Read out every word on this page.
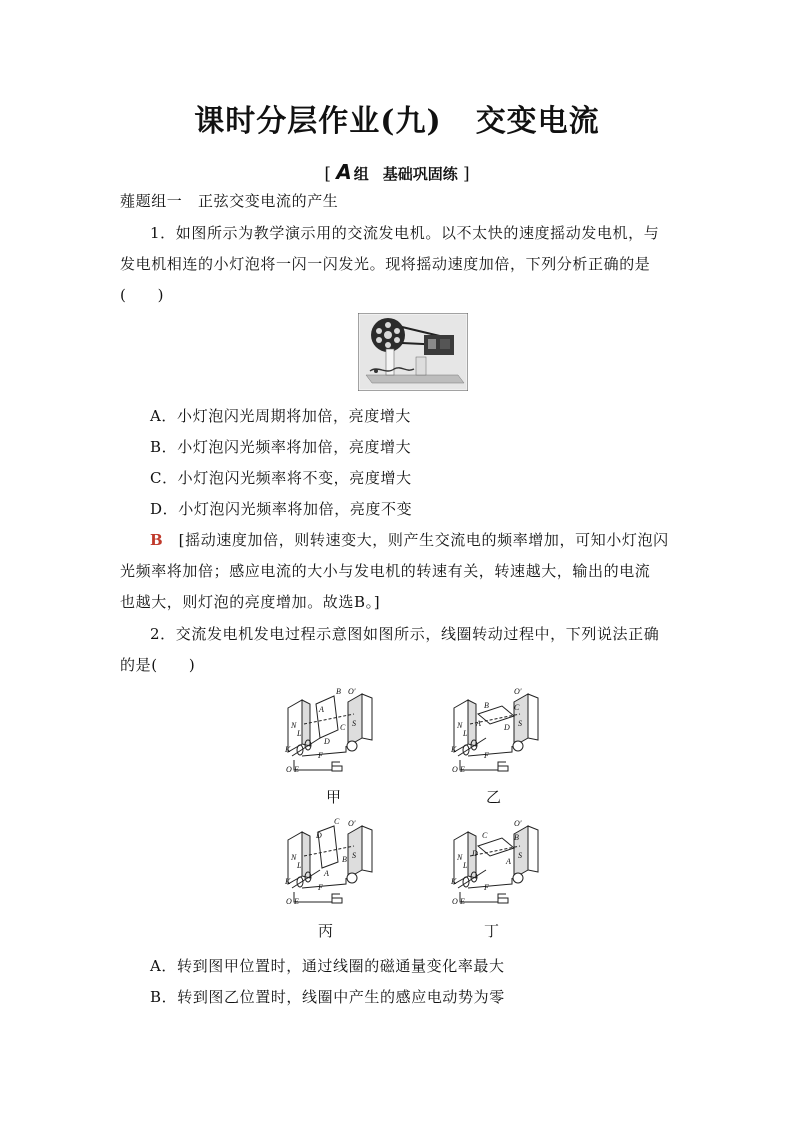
课时分层作业(九) 交变电流
[ A 组 基础巩固练 ]
薤题组一　正弦交变电流的产生
1．如图所示为教学演示用的交流发电机。以不太快的速度摇动发电机，与
发电机相连的小灯泡将一闪一闪发光。现将摇动速度加倍，下列分析正确的是
(　　)
A．小灯泡闪光周期将加倍，亮度增大
B．小灯泡闪光频率将加倍，亮度增大
C．小灯泡闪光频率将不变，亮度增大
D．小灯泡闪光频率将加倍，亮度不变
B [摇动速度加倍，则转速变大，则产生交流电的频率增加，可知小灯泡闪
光频率将加倍；感应电流的大小与发电机的转速有关，转速越大，输出的电流
也越大，则灯泡的亮度增加。故选B。]
2．交流发电机发电过程示意图如图所示，线圈转动过程中，下列说法正确
的是(　　)
N	S
L
A
B
C
D
O′
K
F
O E
甲
N	S
L
A
B	C
D
O′
K
F
O E
乙
N	S
L
D
C
B
A
O′
K
F
O E
丙
N	S
L
C
D
A
B
O′
K
F
O E
丁
A．转到图甲位置时，通过线圈的磁通量变化率最大
B．转到图乙位置时，线圈中产生的感应电动势为零
